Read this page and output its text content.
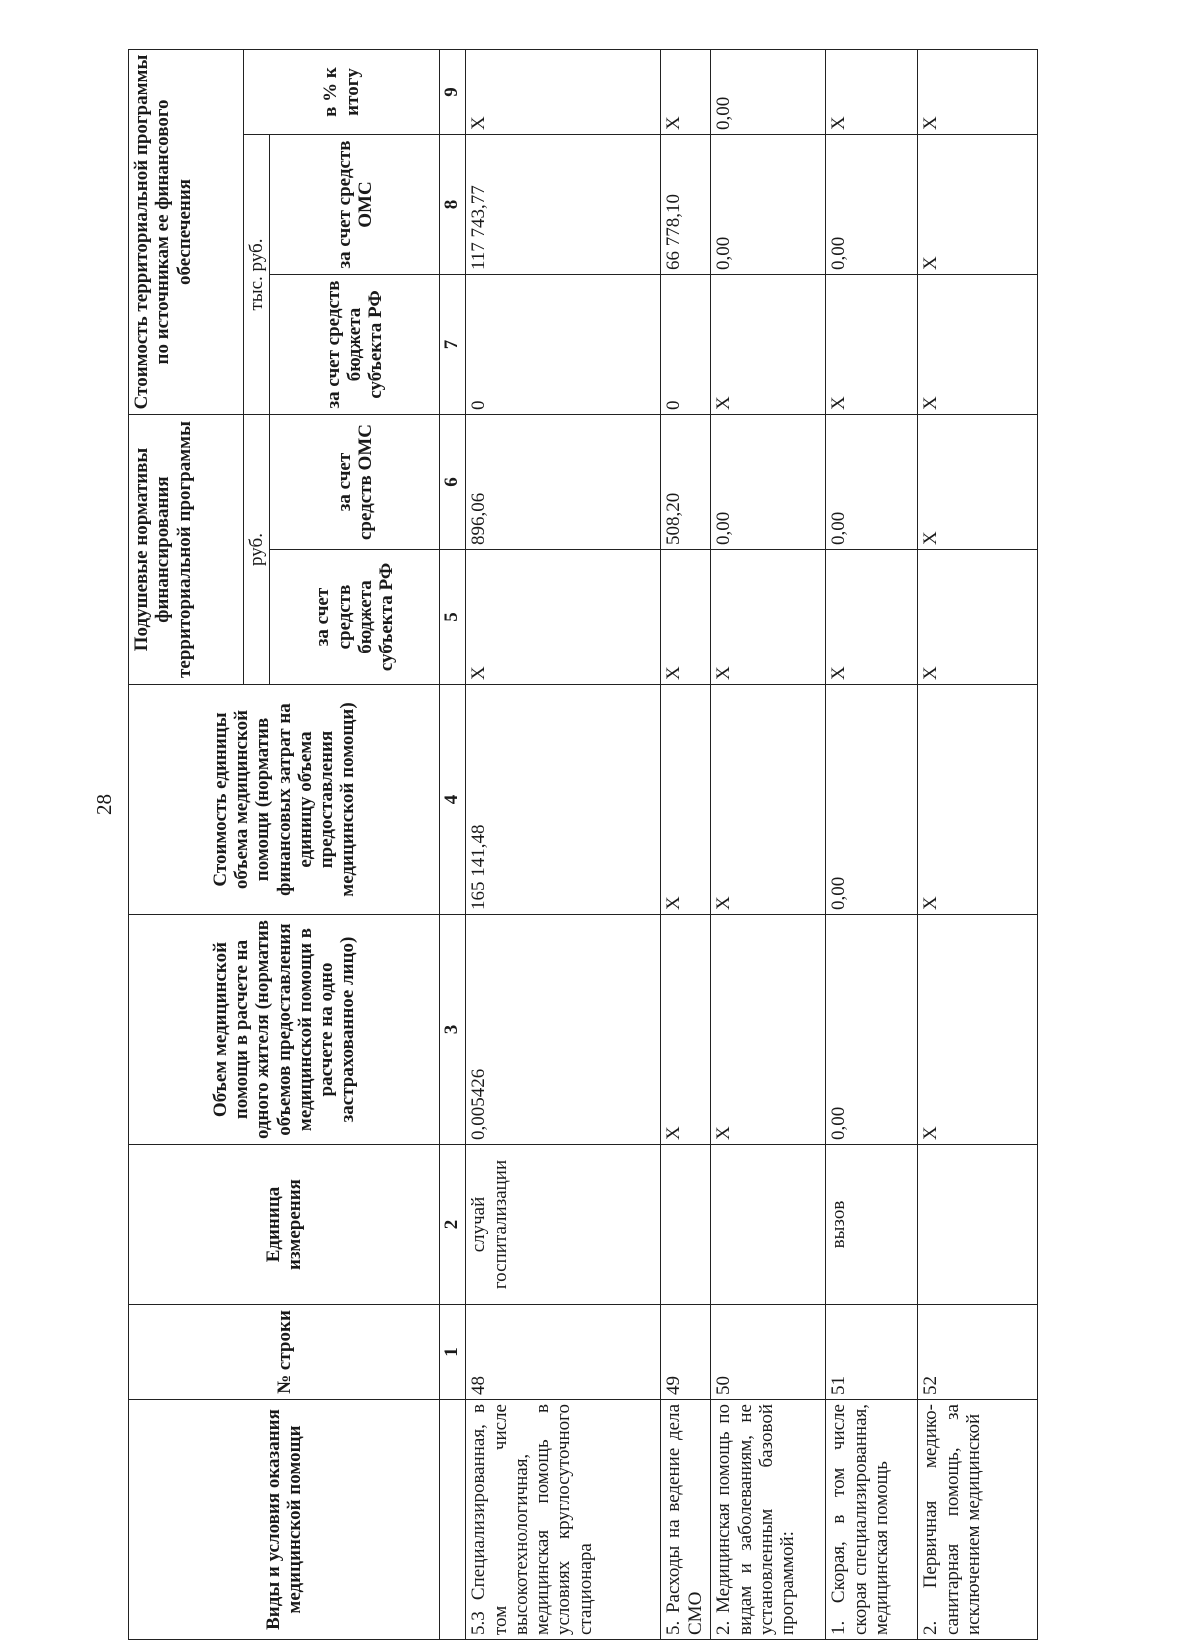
28
Виды и условия оказания медицинской помощи	№ строки	Единица измерения	Объем медицинской помощи в расчете на одного жителя (норматив объемов предоставления медицинской помощи в расчете на одно застрахованное лицо)	Стоимость единицы объема медицинской помощи (норматив финансовых затрат на единицу объема предоставления медицинской помощи)	Подушевые нормативы финансирования территориальной программы		Стоимость территориальной программы по источникам ее финансового обеспечения		
					руб.		тыс. руб.		в % к итогу
					за счет средств бюджета субъекта РФ	за счет средств ОМС	за счет средств бюджета субъекта РФ	за счет средств ОМС	
	1	2	3	4	5	6	7	8	9
5.3 Специализированная, в том числе высокотехнологичная, медицинская помощь в условиях круглосуточного стационара	48	случай госпитализации	0,005426	165 141,48	X	896,06	0	117 743,77	X
5. Расходы на ведение дела СМО	49		X	X	X	508,20	0	66 778,10	X
2. Медицинская помощь по видам и заболеваниям, не установленным базовой программой:	50		X	X	X	0,00	X	0,00	0,00
1. Скорая, в том числе скорая специализированная, медицинская помощь	51	вызов	0,00	0,00	X	0,00	X	0,00	X
2. Первичная медико-санитарная помощь, за исключением медицинской	52		X	X	X	X	X	X	X
